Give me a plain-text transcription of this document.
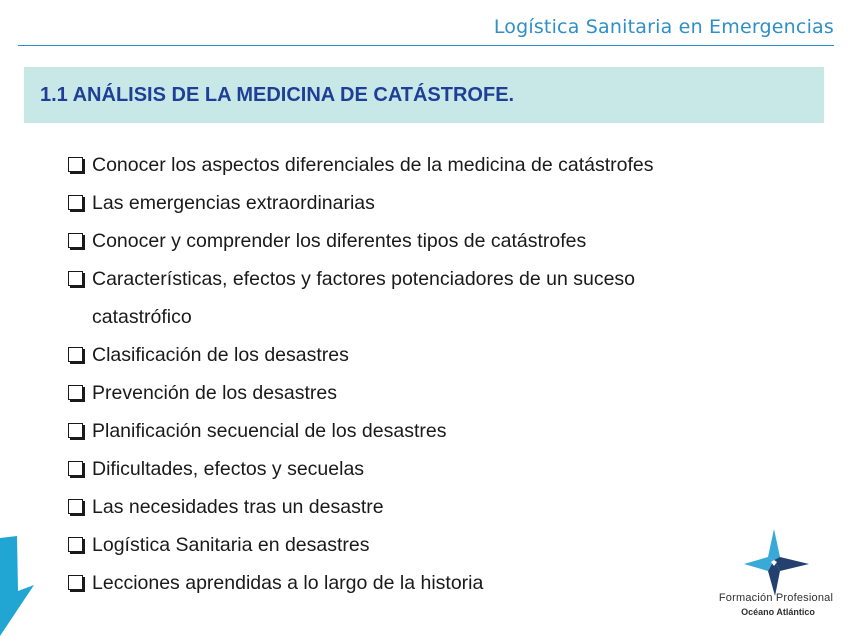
Logística Sanitaria en Emergencias
1.1 ANÁLISIS DE LA MEDICINA DE CATÁSTROFE.
Conocer los aspectos diferenciales de la medicina de catástrofes
Las emergencias extraordinarias
Conocer y comprender los diferentes tipos de catástrofes
Características, efectos y factores potenciadores de un suceso catastrófico
Clasificación de los desastres
Prevención de los desastres
Planificación secuencial de los desastres
Dificultades, efectos y secuelas
Las necesidades tras un desastre
Logística Sanitaria en desastres
Lecciones aprendidas a lo largo de la historia
Formación Profesional
Océano Atlántico
